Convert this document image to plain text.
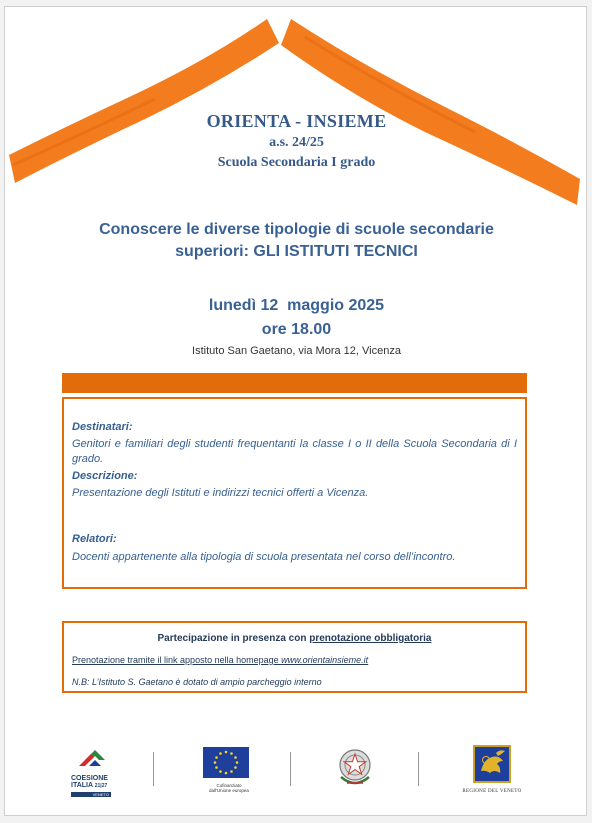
ORIENTA - INSIEME
a.s. 24/25
Scuola Secondaria I grado
Conoscere le diverse tipologie di scuole secondarie
superiori: GLI ISTITUTI TECNICI
lunedì 12  maggio 2025
ore 18.00
Istituto San Gaetano, via Mora 12, Vicenza
Destinatari:
Genitori e familiari degli studenti frequentanti la classe I o II della Scuola Secondaria di I grado.
Descrizione:
Presentazione degli Istituti e indirizzi tecnici offerti a Vicenza.
Relatori:
Docenti appartenente alla tipologia di scuola presentata nel corso dell’incontro.
Partecipazione in presenza con prenotazione obbligatoria
Prenotazione tramite il link apposto nella homepage www.orientainsieme.it
N.B: L’Istituto S. Gaetano è dotato di ampio parcheggio interno
COESIONE
ITALIA 21|27
VENETO
Cofinanziato
dall'Unione europea	REGIONE DEL VENETO
